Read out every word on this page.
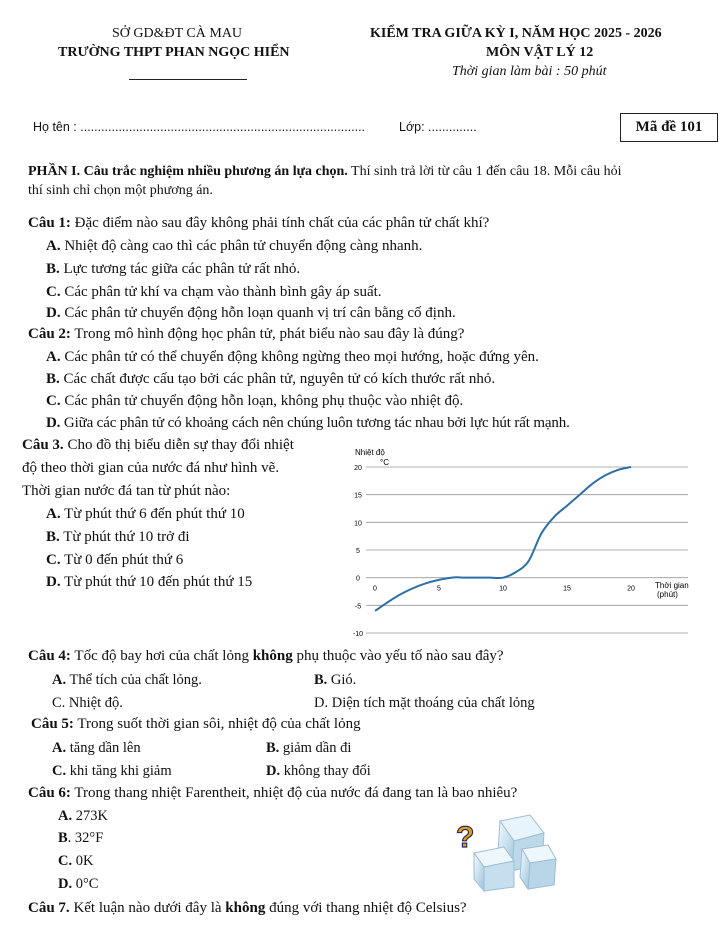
SỞ GD&ĐT CÀ MAU
TRƯỜNG THPT PHAN NGỌC HIỂN
KIỂM TRA GIỮA KỲ I, NĂM HỌC 2025 - 2026
MÔN VẬT LÝ 12
Thời gian làm bài : 50 phút
Họ tên : ..................................................................................	Lớp: ..............	Mã đề 101
PHẦN I. Câu trắc nghiệm nhiều phương án lựa chọn. Thí sinh trả lời từ câu 1 đến câu 18. Mỗi câu hỏi
thí sinh chỉ chọn một phương án.
Câu 1: Đặc điểm nào sau đây không phải tính chất của các phân tử chất khí?
A. Nhiệt độ càng cao thì các phân tử chuyển động càng nhanh.
B. Lực tương tác giữa các phân tử rất nhỏ.
C. Các phân tử khí va chạm vào thành bình gây áp suất.
D. Các phân tử chuyển động hỗn loạn quanh vị trí cân bằng cố định.
Câu 2: Trong mô hình động học phân tử, phát biểu nào sau đây là đúng?
A. Các phân tử có thể chuyển động không ngừng theo mọi hướng, hoặc đứng yên.
B. Các chất được cấu tạo bởi các phân tử, nguyên tử có kích thước rất nhỏ.
C. Các phân tử chuyển động hỗn loạn, không phụ thuộc vào nhiệt độ.
D. Giữa các phân tử có khoảng cách nên chúng luôn tương tác nhau bởi lực hút rất mạnh.
Câu 3. Cho đồ thị biểu diễn sự thay đổi nhiệt
độ theo thời gian của nước đá như hình vẽ.
Thời gian nước đá tan từ phút nào:
A. Từ phút thứ 6 đến phút thứ 10
B. Từ phút thứ 10 trở đi
C. Từ 0 đến phút thứ 6
D. Từ phút thứ 10 đến phút thứ 15
20
15
10
5
0
-5
-10
0	5	10	15	20
Nhiệt độ
°C
Thời gian
(phút)
Câu 4: Tốc độ bay hơi của chất lỏng không phụ thuộc vào yếu tố nào sau đây?
A. Thể tích của chất lỏng.	B. Gió.
C. Nhiệt độ.	D. Diện tích mặt thoáng của chất lỏng
Câu 5: Trong suốt thời gian sôi, nhiệt độ của chất lỏng
A. tăng dần lên	B. giảm dần đi
C. khi tăng khi giảm	D. không thay đổi
Câu 6: Trong thang nhiệt Farentheit, nhiệt độ của nước đá đang tan là bao nhiêu?
A. 273K
B. 32°F
C. 0K
D. 0°C
?
Câu 7. Kết luận nào dưới đây là không đúng với thang nhiệt độ Celsius?
